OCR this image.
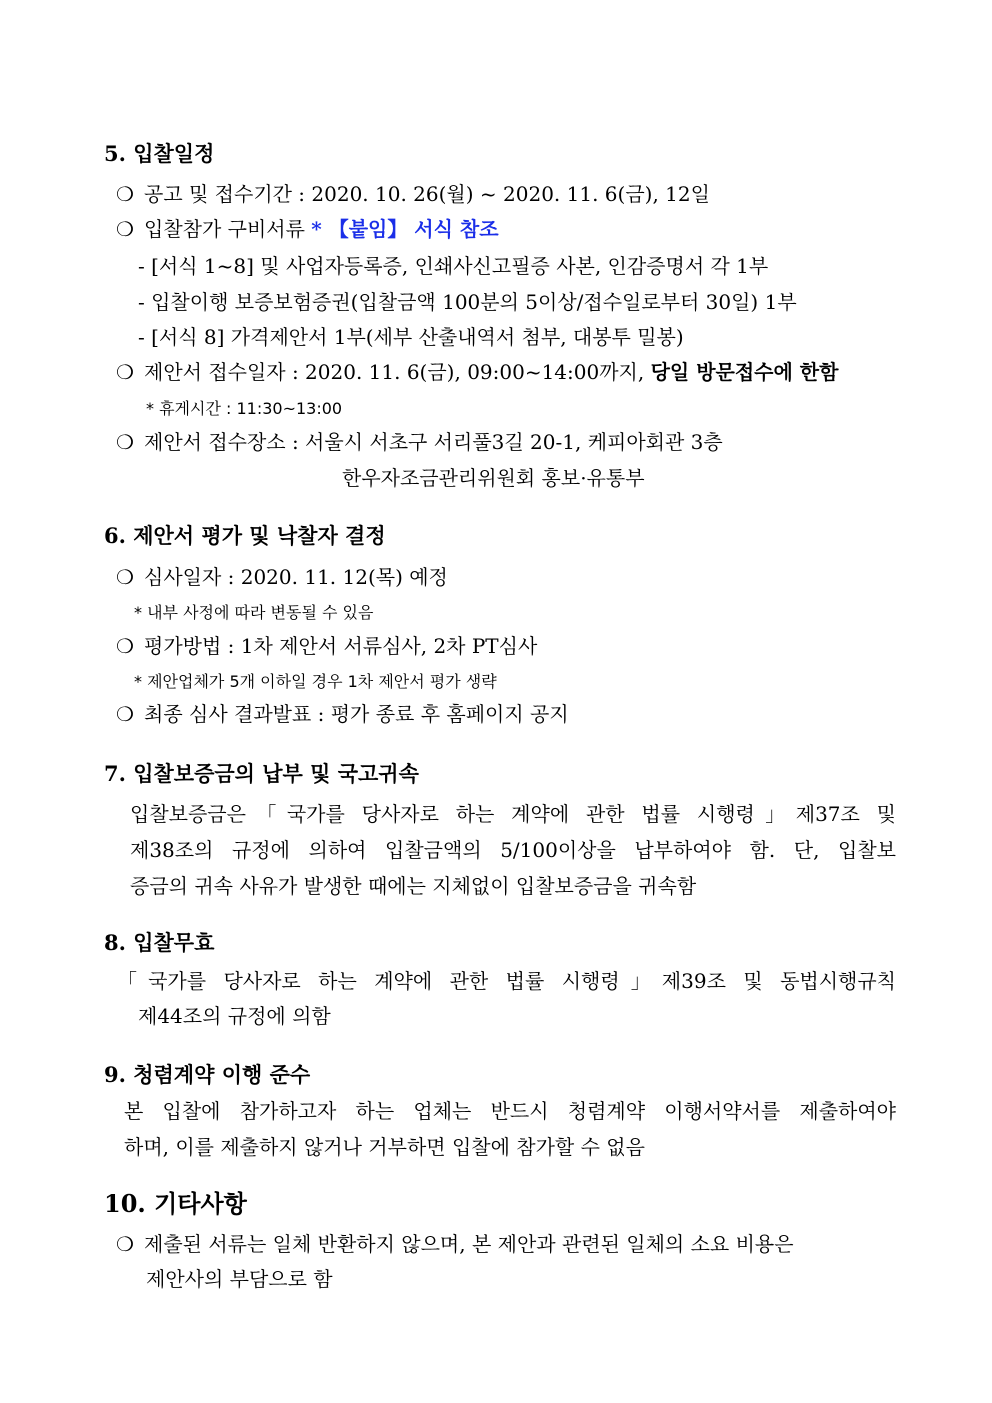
5. 입찰일정
❍ 공고 및 접수기간 : 2020. 10. 26(월) ~ 2020. 11. 6(금), 12일
❍ 입찰참가 구비서류 * 【붙임】 서식 참조
- [서식 1~8] 및 사업자등록증, 인쇄사신고필증 사본, 인감증명서 각 1부
- 입찰이행 보증보험증권(입찰금액 100분의 5이상/접수일로부터 30일) 1부
- [서식 8] 가격제안서 1부(세부 산출내역서 첨부, 대봉투 밀봉)
❍ 제안서 접수일자 : 2020. 11. 6(금), 09:00~14:00까지, 당일 방문접수에 한함
* 휴게시간 : 11:30~13:00
❍ 제안서 접수장소 : 서울시 서초구 서리풀3길 20-1, 케피아회관 3층
한우자조금관리위원회 홍보·유통부
6. 제안서 평가 및 낙찰자 결정
❍ 심사일자 : 2020. 11. 12(목) 예정
* 내부 사정에 따라 변동될 수 있음
❍ 평가방법 : 1차 제안서 서류심사, 2차 PT심사
* 제안업체가 5개 이하일 경우 1차 제안서 평가 생략
❍ 최종 심사 결과발표 : 평가 종료 후 홈페이지 공지
7. 입찰보증금의 납부 및 국고귀속
입찰보증금은「국가를 당사자로 하는 계약에 관한 법률 시행령」제37조 및
제38조의 규정에 의하여 입찰금액의 5/100이상을 납부하여야 함. 단, 입찰보
증금의 귀속 사유가 발생한 때에는 지체없이 입찰보증금을 귀속함
8. 입찰무효
「국가를 당사자로 하는 계약에 관한 법률 시행령」제39조 및 동법시행규칙
제44조의 규정에 의함
9. 청렴계약 이행 준수
본 입찰에 참가하고자 하는 업체는 반드시 청렴계약 이행서약서를 제출하여야
하며, 이를 제출하지 않거나 거부하면 입찰에 참가할 수 없음
10. 기타사항
❍ 제출된 서류는 일체 반환하지 않으며, 본 제안과 관련된 일체의 소요 비용은
제안사의 부담으로 함
